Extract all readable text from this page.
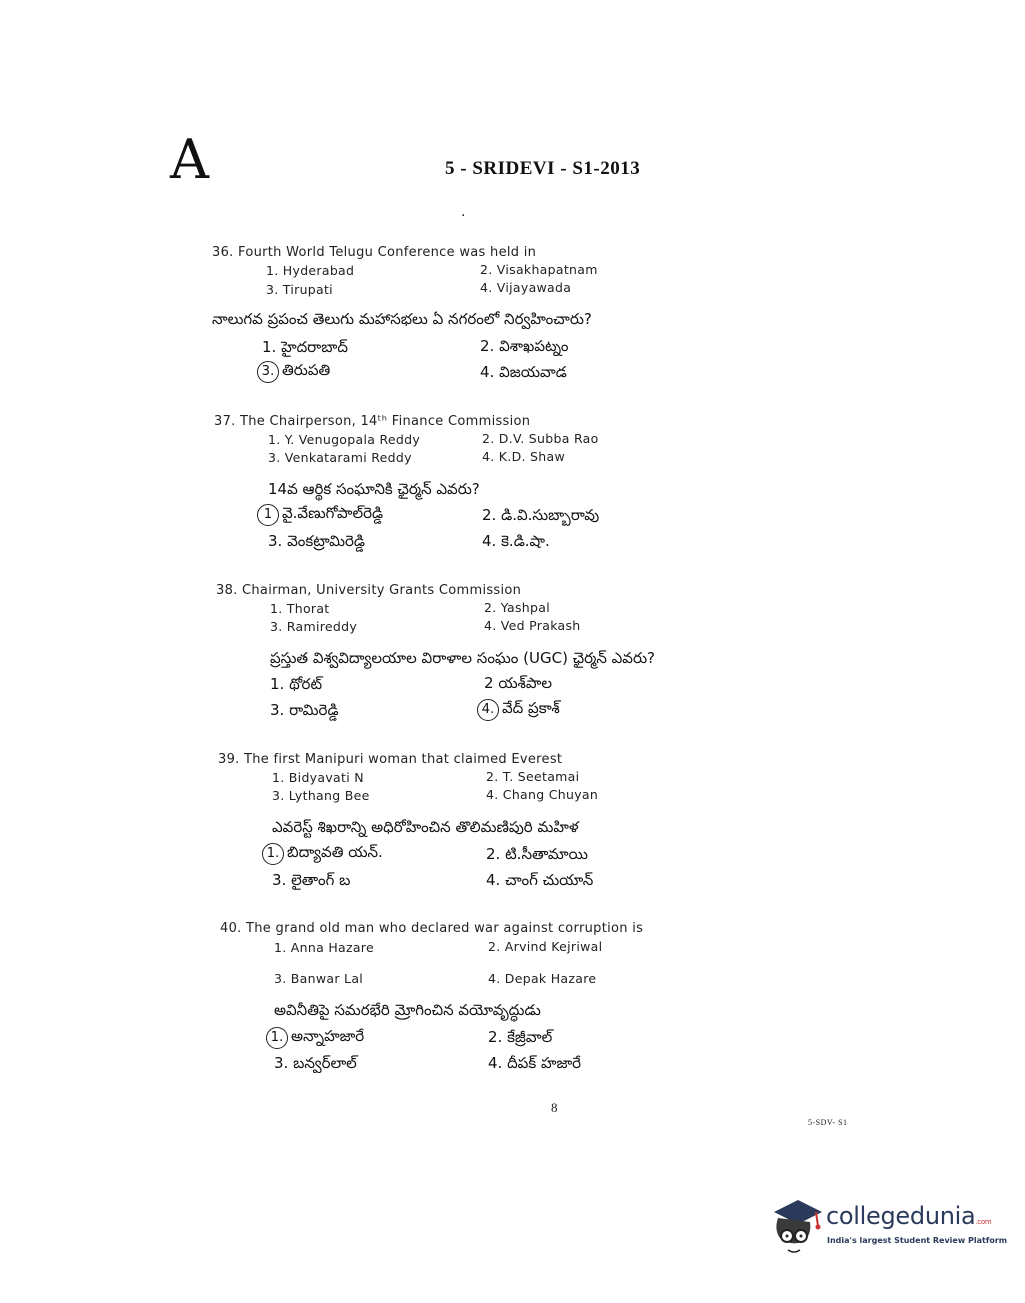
A	5 - SRIDEVI - S1-2013
·
36. Fourth World Telugu Conference was held in
1. Hyderabad	2. Visakhapatnam
3. Tirupati	4. Vijayawada
నాలుగవ ప్రపంచ తెలుగు మహాసభలు ఏ నగరంలో నిర్వహించారు?
1. హైదరాబాద్	2. విశాఖపట్నం
3. తిరుపతి	4. విజయవాడ
37. The Chairperson, 14ᵗʰ Finance Commission
1. Y. Venugopala Reddy	2. D.V. Subba Rao
3. Venkatarami Reddy	4. K.D. Shaw
14వ ఆర్థిక సంఘానికి ఛైర్మన్ ఎవరు?
1 వై.వేణుగోపాల్‌రెడ్డి	2. డి.వి.సుబ్బారావు
3. వెంకట్రామిరెడ్డి	4. కె.డి.షా.
38. Chairman, University Grants Commission
1. Thorat	2. Yashpal
3. Ramireddy	4. Ved Prakash
ప్రస్తుత విశ్వవిద్యాలయాల విరాళాల సంఘం (UGC) ఛైర్మన్ ఎవరు?
1. థోరట్	2 యశ్‌పాల
3. రామిరెడ్డి	4. వేద్ ప్రకాశ్
39. The first Manipuri woman that claimed Everest
1. Bidyavati N	2. T. Seetamai
3. Lythang Bee	4. Chang Chuyan
ఎవరెస్ట్ శిఖరాన్ని అధిరోహించిన తొలిమణిపురి మహిళ
1. బిద్యావతి యన్.	2. టి.సీతామాయి
3. లైతాంగ్ బ	4. చాంగ్ చుయాన్
40. The grand old man who declared war against corruption is
1. Anna Hazare	2. Arvind Kejriwal
3. Banwar Lal	4. Depak Hazare
అవినీతిపై సమరభేరి మ్రోగించిన వయోవృద్ధుడు
1. అన్నాహజారే	2. కేజ్రీవాల్
3. బన్వర్‌లాల్	4. దీపక్ హజారే
8
5-SDV- S1
collegedunia.com
India's largest Student Review Platform
